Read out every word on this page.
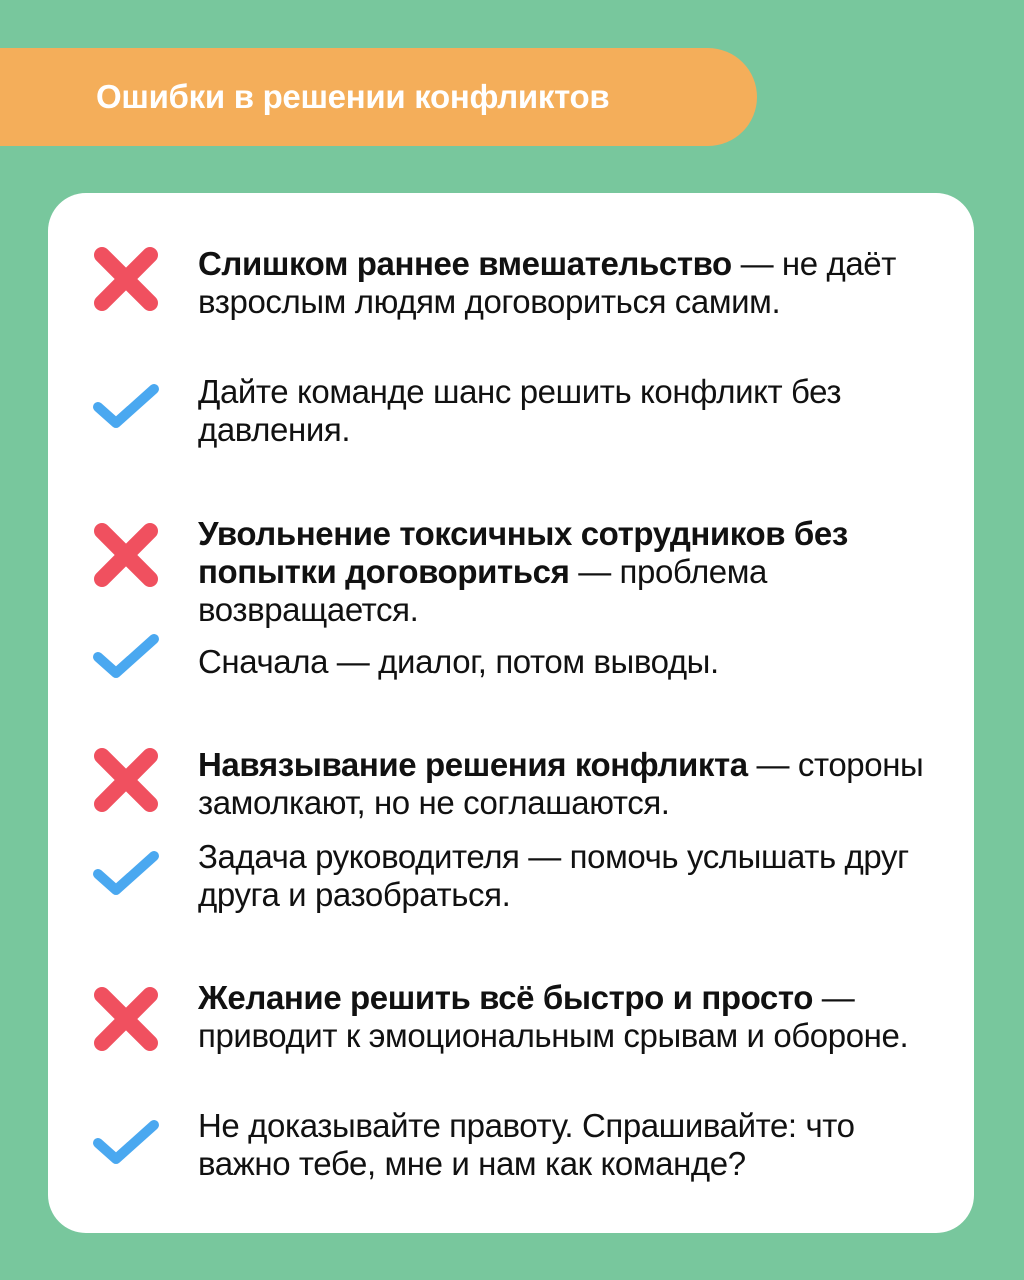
Ошибки в решении конфликтов
Слишком раннее вмешательство — не даёт взрослым людям договориться самим.
Дайте команде шанс решить конфликт без давления.
Увольнение токсичных сотрудников без попытки договориться — проблема возвращается.
Сначала — диалог, потом выводы.
Навязывание решения конфликта — стороны замолкают, но не соглашаются.
Задача руководителя — помочь услышать друг друга и разобраться.
Желание решить всё быстро и просто — приводит к эмоциональным срывам и обороне.
Не доказывайте правоту. Спрашивайте: что важно тебе, мне и нам как команде?
